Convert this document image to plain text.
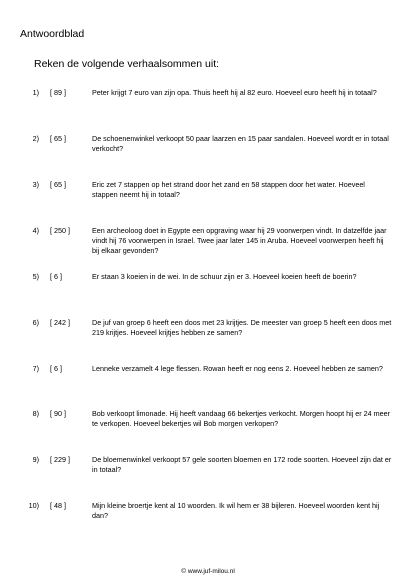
Antwoordblad
Reken de volgende verhaalsommen uit:
1) [ 89 ]	Peter krijgt 7 euro van zijn opa. Thuis heeft hij al 82 euro. Hoeveel euro heeft hij in totaal?
2) [ 65 ]	De schoenenwinkel verkoopt 50 paar laarzen en 15 paar sandalen. Hoeveel wordt er in totaal verkocht?
3) [ 65 ]	Eric zet 7 stappen op het strand door het zand en 58 stappen door het water. Hoeveel stappen neemt hij in totaal?
4) [ 250 ]	Een archeoloog doet in Egypte een opgraving waar hij 29 voorwerpen vindt. In datzelfde jaar vindt hij 76 voorwerpen in Israel. Twee jaar later 145 in Aruba. Hoeveel voorwerpen heeft hij bij elkaar gevonden?
5) [ 6 ]	Er staan 3 koeien in de wei. In de schuur zijn er 3. Hoeveel koeien heeft de boerin?
6) [ 242 ]	De juf van groep 6 heeft een doos met 23 krijtjes. De meester van groep 5 heeft een doos met 219 krijtjes. Hoeveel krijtjes hebben ze samen?
7) [ 6 ]	Lenneke verzamelt 4 lege flessen. Rowan heeft er nog eens 2. Hoeveel hebben ze samen?
8) [ 90 ]	Bob verkoopt limonade. Hij heeft vandaag 66 bekertjes verkocht. Morgen hoopt hij er 24 meer te verkopen. Hoeveel bekertjes wil Bob morgen verkopen?
9) [ 229 ]	De bloemenwinkel verkoopt 57 gele soorten bloemen en 172 rode soorten. Hoeveel zijn dat er in totaal?
10) [ 48 ]	Mijn kleine broertje kent al 10 woorden. Ik wil hem er 38 bijleren. Hoeveel woorden kent hij dan?
© www.juf-milou.nl
